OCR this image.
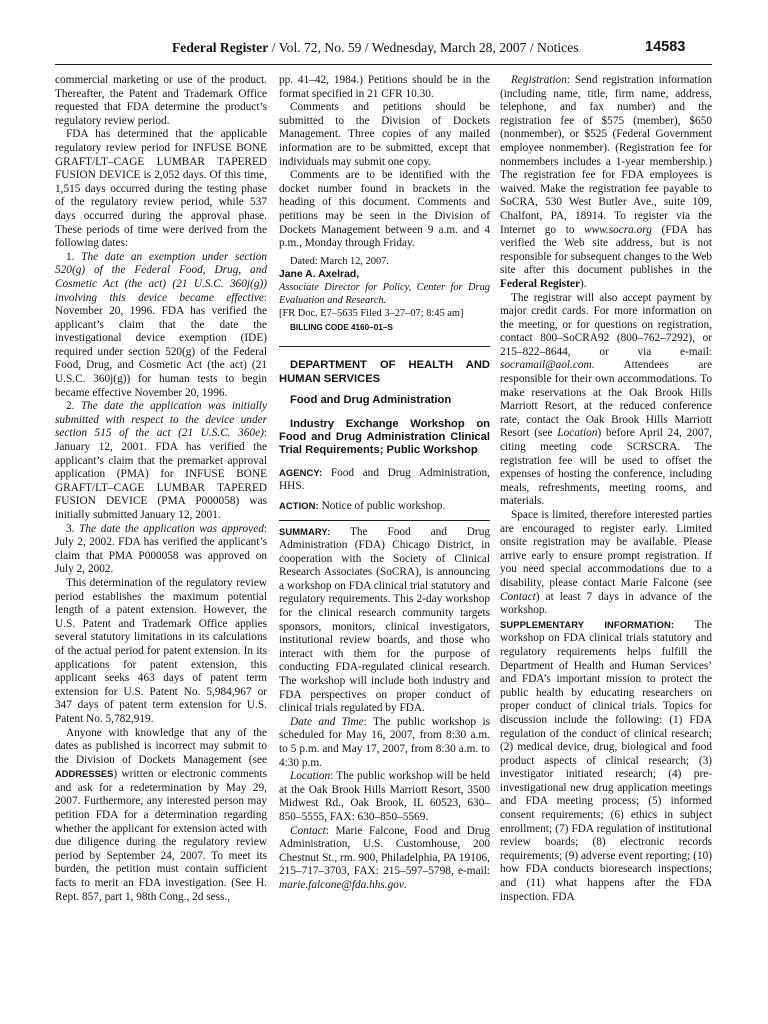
Federal Register / Vol. 72, No. 59 / Wednesday, March 28, 2007 / Notices	14583

commercial marketing or use of the product. Thereafter, the Patent and Trademark Office requested that FDA determine the product’s regulatory review period.

FDA has determined that the applicable regulatory review period for INFUSE BONE GRAFT/LT–CAGE LUMBAR TAPERED FUSION DEVICE is 2,052 days. Of this time, 1,515 days occurred during the testing phase of the regulatory review period, while 537 days occurred during the approval phase. These periods of time were derived from the following dates:

1. The date an exemption under section 520(g) of the Federal Food, Drug, and Cosmetic Act (the act) (21 U.S.C. 360j(g)) involving this device became effective: November 20, 1996. FDA has verified the applicant’s claim that the date the investigational device exemption (IDE) required under section 520(g) of the Federal Food, Drug, and Cosmetic Act (the act) (21 U.S.C. 360j(g)) for human tests to begin became effective November 20, 1996.

2. The date the application was initially submitted with respect to the device under section 515 of the act (21 U.S.C. 360e): January 12, 2001. FDA has verified the applicant’s claim that the premarket approval application (PMA) for INFUSE BONE GRAFT/LT–CAGE LUMBAR TAPERED FUSION DEVICE (PMA P000058) was initially submitted January 12, 2001.

3. The date the application was approved: July 2, 2002. FDA has verified the applicant’s claim that PMA P000058 was approved on July 2, 2002.

This determination of the regulatory review period establishes the maximum potential length of a patent extension. However, the U.S. Patent and Trademark Office applies several statutory limitations in its calculations of the actual period for patent extension. In its applications for patent extension, this applicant seeks 463 days of patent term extension for U.S. Patent No. 5,984,967 or 347 days of patent term extension for U.S. Patent No. 5,782,919.

Anyone with knowledge that any of the dates as published is incorrect may submit to the Division of Dockets Management (see ADDRESSES) written or electronic comments and ask for a redetermination by May 29, 2007. Furthermore, any interested person may petition FDA for a determination regarding whether the applicant for extension acted with due diligence during the regulatory review period by September 24, 2007. To meet its burden, the petition must contain sufficient facts to merit an FDA investigation. (See H. Rept. 857, part 1, 98th Cong., 2d sess.,

pp. 41–42, 1984.) Petitions should be in the format specified in 21 CFR 10.30.

Comments and petitions should be submitted to the Division of Dockets Management. Three copies of any mailed information are to be submitted, except that individuals may submit one copy.

Comments are to be identified with the docket number found in brackets in the heading of this document. Comments and petitions may be seen in the Division of Dockets Management between 9 a.m. and 4 p.m., Monday through Friday.

Dated: March 12, 2007.

Jane A. Axelrad,

Associate Director for Policy, Center for Drug Evaluation and Research.

[FR Doc. E7–5635 Filed 3–27–07; 8:45 am]

BILLING CODE 4160–01–S

DEPARTMENT OF HEALTH AND HUMAN SERVICES

Food and Drug Administration

Industry Exchange Workshop on Food and Drug Administration Clinical Trial Requirements; Public Workshop

AGENCY: Food and Drug Administration, HHS.

ACTION: Notice of public workshop.

SUMMARY: The Food and Drug Administration (FDA) Chicago District, in cooperation with the Society of Clinical Research Associates (SoCRA), is announcing a workshop on FDA clinical trial statutory and regulatory requirements. This 2-day workshop for the clinical research community targets sponsors, monitors, clinical investigators, institutional review boards, and those who interact with them for the purpose of conducting FDA-regulated clinical research. The workshop will include both industry and FDA perspectives on proper conduct of clinical trials regulated by FDA.

Date and Time: The public workshop is scheduled for May 16, 2007, from 8:30 a.m. to 5 p.m. and May 17, 2007, from 8:30 a.m. to 4:30 p.m.

Location: The public workshop will be held at the Oak Brook Hills Marriott Resort, 3500 Midwest Rd., Oak Brook, IL 60523, 630–850–5555, FAX: 630–850–5569.

Contact: Marie Falcone, Food and Drug Administration, U.S. Customhouse, 200 Chestnut St., rm. 900, Philadelphia, PA 19106, 215–717–3703, FAX: 215–597–5798, e-mail: marie.falcone@fda.hhs.gov.

Registration: Send registration information (including name, title, firm name, address, telephone, and fax number) and the registration fee of $575 (member), $650 (nonmember), or $525 (Federal Government employee nonmember). (Registration fee for nonmembers includes a 1-year membership.) The registration fee for FDA employees is waived. Make the registration fee payable to SoCRA, 530 West Butler Ave., suite 109, Chalfont, PA, 18914. To register via the Internet go to www.socra.org (FDA has verified the Web site address, but is not responsible for subsequent changes to the Web site after this document publishes in the Federal Register).

The registrar will also accept payment by major credit cards. For more information on the meeting, or for questions on registration, contact 800–SoCRA92 (800–762–7292), or 215–822–8644, or via e-mail: socramail@aol.com. Attendees are responsible for their own accommodations. To make reservations at the Oak Brook Hills Marriott Resort, at the reduced conference rate, contact the Oak Brook Hills Marriott Resort (see Location) before April 24, 2007, citing meeting code SCRSCRA. The registration fee will be used to offset the expenses of hosting the conference, including meals, refreshments, meeting rooms, and materials.

Space is limited, therefore interested parties are encouraged to register early. Limited onsite registration may be available. Please arrive early to ensure prompt registration. If you need special accommodations due to a disability, please contact Marie Falcone (see Contact) at least 7 days in advance of the workshop.

SUPPLEMENTARY INFORMATION: The workshop on FDA clinical trials statutory and regulatory requirements helps fulfill the Department of Health and Human Services’ and FDA’s important mission to protect the public health by educating researchers on proper conduct of clinical trials. Topics for discussion include the following: (1) FDA regulation of the conduct of clinical research; (2) medical device, drug, biological and food product aspects of clinical research; (3) investigator initiated research; (4) pre-investigational new drug application meetings and FDA meeting process; (5) informed consent requirements; (6) ethics in subject enrollment; (7) FDA regulation of institutional review boards; (8) electronic records requirements; (9) adverse event reporting; (10) how FDA conducts bioresearch inspections; and (11) what happens after the FDA inspection. FDA
